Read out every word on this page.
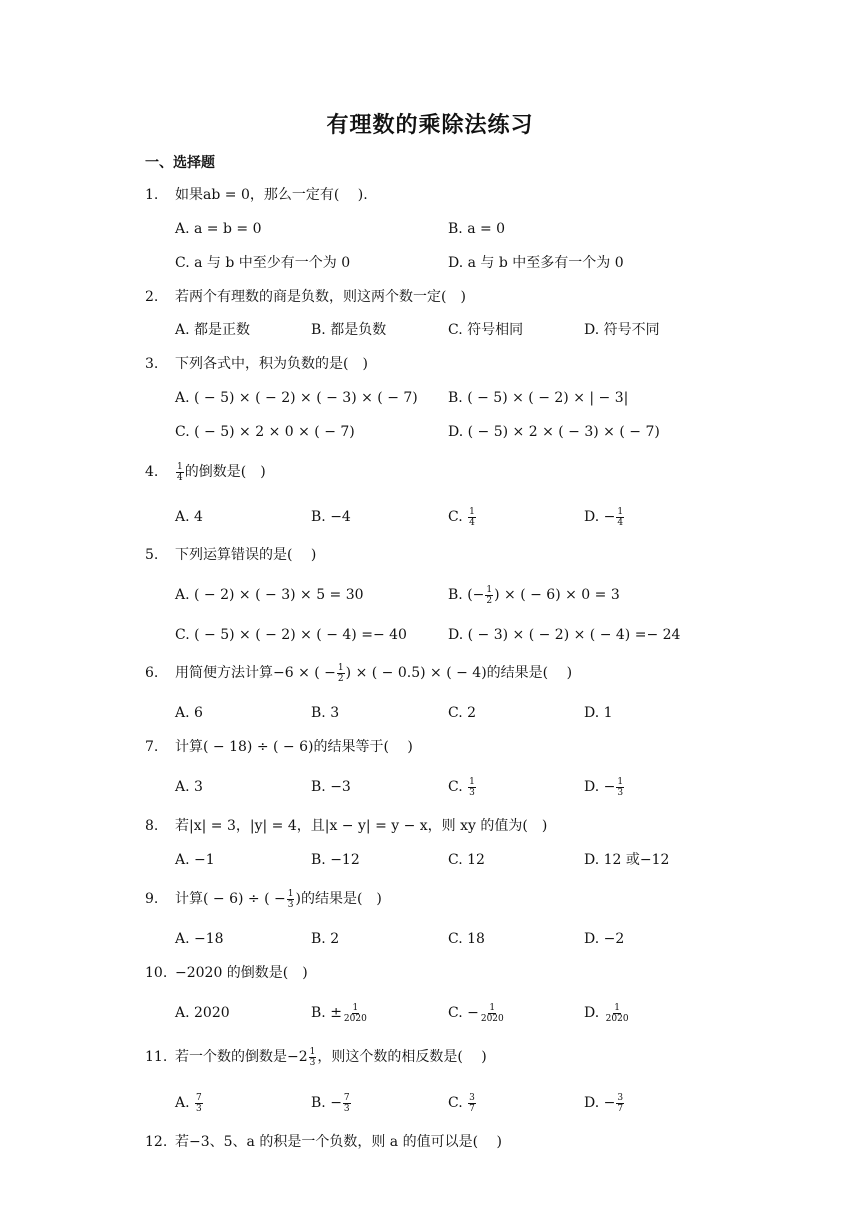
有理数的乘除法练习
一、选择题
1. 如果ab = 0，那么一定有(　 ).
A. a = b = 0	B. a = 0
C. a 与 b 中至少有一个为 0	D. a 与 b 中至多有一个为 0
2. 若两个有理数的商是负数，则这两个数一定(　)
A. 都是正数	B. 都是负数	C. 符号相同	D. 符号不同
3. 下列各式中，积为负数的是(　)
A. ( − 5) × ( − 2) × ( − 3) × ( − 7) B. ( − 5) × ( − 2) × | − 3|
C. ( − 5) × 2 × 0 × ( − 7)	D. ( − 5) × 2 × ( − 3) × ( − 7)
4. $\frac{1}{4}$ 的倒数是(　)
A. 4	B. −4	C. $\frac{1}{4}$	D. − $\frac{1}{4}$
5. 下列运算错误的是(　 )
A. ( − 2) × ( − 3) × 5 = 30	B. (− $\frac{1}{2}$ ) × ( − 6) × 0 = 3
C. ( − 5) × ( − 2) × ( − 4) =− 40	D. ( − 3) × ( − 2) × ( − 4) =− 24
6. 用简便方法计算−6 × ( − $\frac{1}{2}$ ) × ( − 0.5) × ( − 4)的结果是(　 )
A. 6	B. 3	C. 2	D. 1
7. 计算( − 18) ÷ ( − 6)的结果等于(　 )
A. 3	B. −3	C. $\frac{1}{3}$	D. − $\frac{1}{3}$
8. 若|x| = 3，|y| = 4，且|x − y| = y − x，则 xy 的值为(　)
A. −1	B. −12	C. 12	D. 12 或−12
9. 计算( − 6) ÷ ( − $\frac{1}{3}$ )的结果是(　)
A. −18	B. 2	C. 18	D. −2
10. −2020 的倒数是(　)
A. 2020	B. ± $\frac{1}{2020}$	C. − $\frac{1}{2020}$	D. $\frac{1}{2020}$
11. 若一个数的倒数是$-2 \frac{1}{3}$ ，则这个数的相反数是(　 )
A. $\frac{7}{3}$	B. − $\frac{7}{3}$	C. $\frac{3}{7}$	D. − $\frac{3}{7}$
12. 若−3、5、a 的积是一个负数，则 a 的值可以是(　 )
